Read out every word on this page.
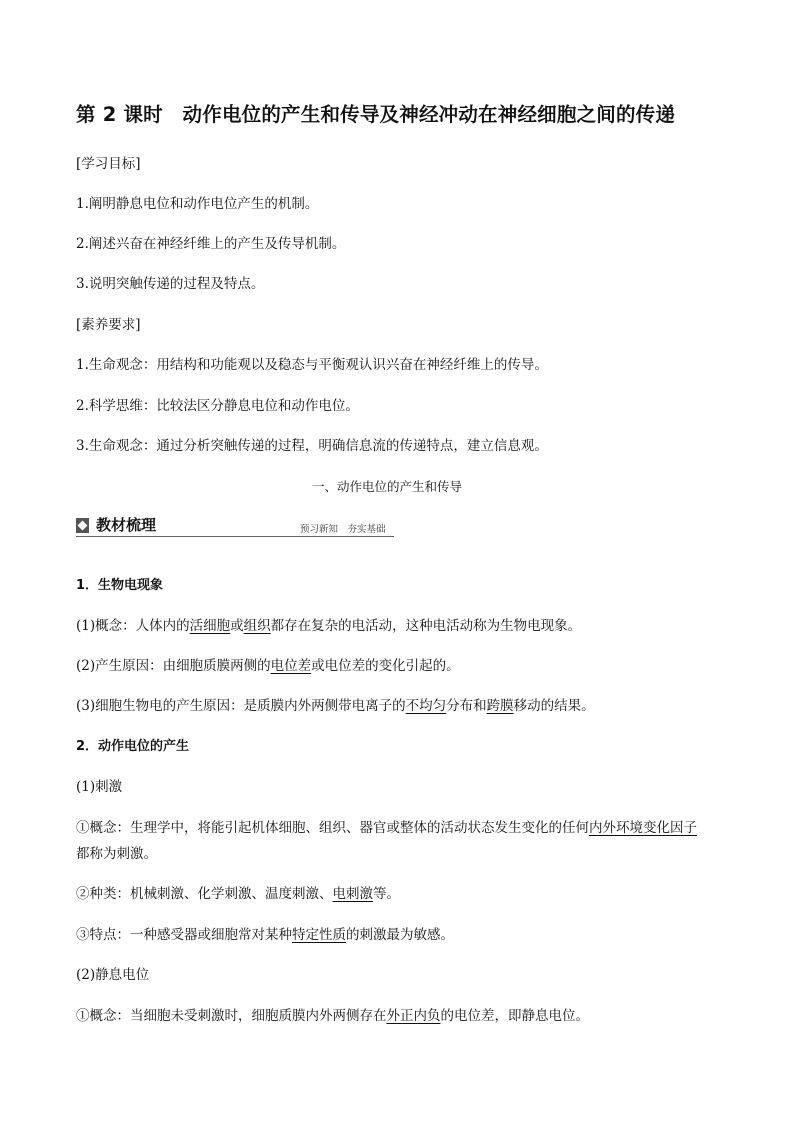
第 2 课时　动作电位的产生和传导及神经冲动在神经细胞之间的传递
[学习目标]
1.阐明静息电位和动作电位产生的机制。
2.阐述兴奋在神经纤维上的产生及传导机制。
3.说明突触传递的过程及特点。
[素养要求]
1.生命观念：用结构和功能观以及稳态与平衡观认识兴奋在神经纤维上的传导。
2.科学思维：比较法区分静息电位和动作电位。
3.生命观念：通过分析突触传递的过程，明确信息流的传递特点，建立信息观。
一、动作电位的产生和传导
教材梳理	预习新知　夯实基础
1．生物电现象
(1)概念：人体内的活细胞或组织都存在复杂的电活动，这种电活动称为生物电现象。
(2)产生原因：由细胞质膜两侧的电位差或电位差的变化引起的。
(3)细胞生物电的产生原因：是质膜内外两侧带电离子的不均匀分布和跨膜移动的结果。
2．动作电位的产生
(1)刺激
①概念：生理学中，将能引起机体细胞、组织、器官或整体的活动状态发生变化的任何内外环境变化因子
都称为刺激。
②种类：机械刺激、化学刺激、温度刺激、电刺激等。
③特点：一种感受器或细胞常对某种特定性质的刺激最为敏感。
(2)静息电位
①概念：当细胞未受刺激时，细胞质膜内外两侧存在外正内负的电位差，即静息电位。
